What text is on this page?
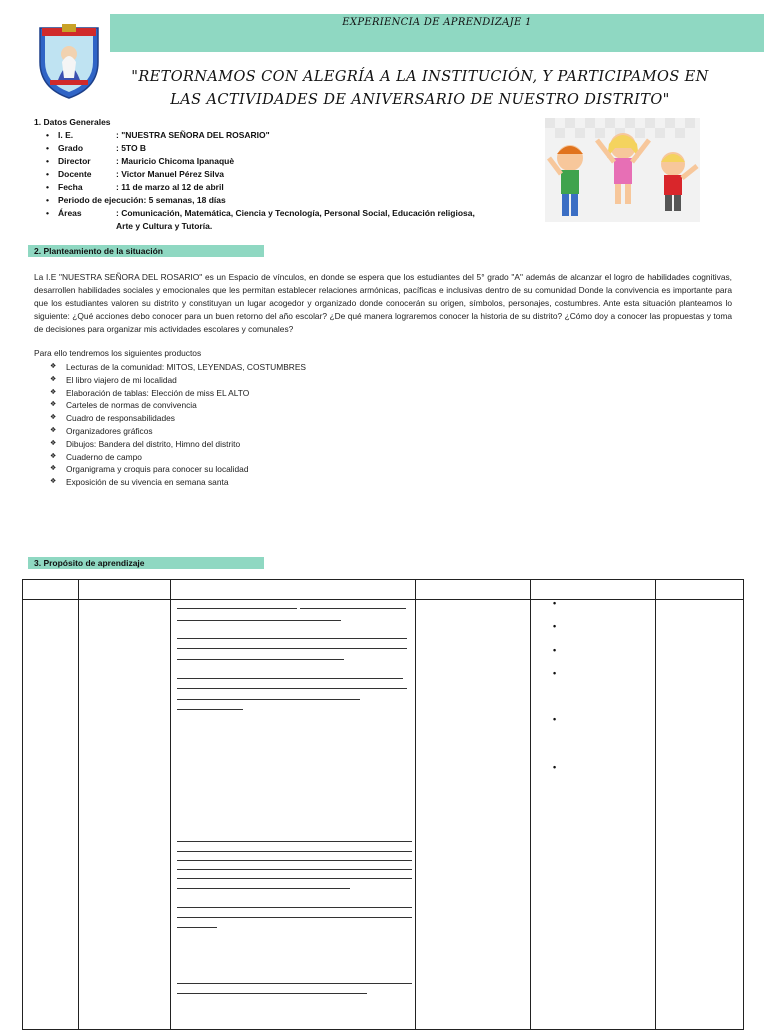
EXPERIENCIA DE APRENDIZAJE 1
"RETORNAMOS CON ALEGRÍA A LA INSTITUCIÓN, Y PARTICIPAMOS EN LAS ACTIVIDADES DE ANIVERSARIO DE NUESTRO DISTRITO"
1. Datos Generales
•	I. E.	: "NUESTRA SEÑORA DEL ROSARIO"
•	Grado	: 5TO B
•	Director	: Mauricio Chicoma Ipanaquè
•	Docente	: Victor Manuel Pérez Silva
•	Fecha	: 11 de marzo al 12 de abril
•	Periodo de ejecución: 5 semanas, 18 días
•	Áreas	: Comunicación, Matemática, Ciencia y Tecnología, Personal Social, Educación religiosa,
Arte y Cultura y Tutoría.
2. Planteamiento de la situación
La I.E "NUESTRA SEÑORA DEL ROSARIO" es un Espacio de vínculos, en donde se espera que los estudiantes del 5° grado "A" además de alcanzar el logro de habilidades cognitivas, desarrollen habilidades sociales y emocionales que les permitan establecer relaciones armónicas, pacíficas e inclusivas dentro de su comunidad Donde la convivencia es importante para que los estudiantes valoren su distrito y constituyan un lugar acogedor y organizado donde conocerán su origen, símbolos, personajes, costumbres. Ante esta situación planteamos lo siguiente: ¿Qué acciones debo conocer para un buen retorno del año escolar? ¿De qué manera lograremos conocer la historia de su distrito? ¿Cómo doy a conocer las propuestas y toma de decisiones para organizar mis actividades escolares y comunales?
Para ello tendremos los siguientes productos
❖	Lecturas de la comunidad: MITOS, LEYENDAS, COSTUMBRES
❖	El libro viajero de mi localidad
❖	Elaboración de tablas: Elección de miss EL ALTO
❖	Carteles de normas de convivencia
❖	Cuadro de responsabilidades
❖	Organizadores gráficos
❖	Dibujos: Bandera del distrito, Himno del distrito
❖	Cuaderno de campo
❖	Organigrama y croquis para conocer su localidad
❖	Exposición de su vivencia en semana santa
3. Propósito de aprendizaje

•
•
•
•
•
•
